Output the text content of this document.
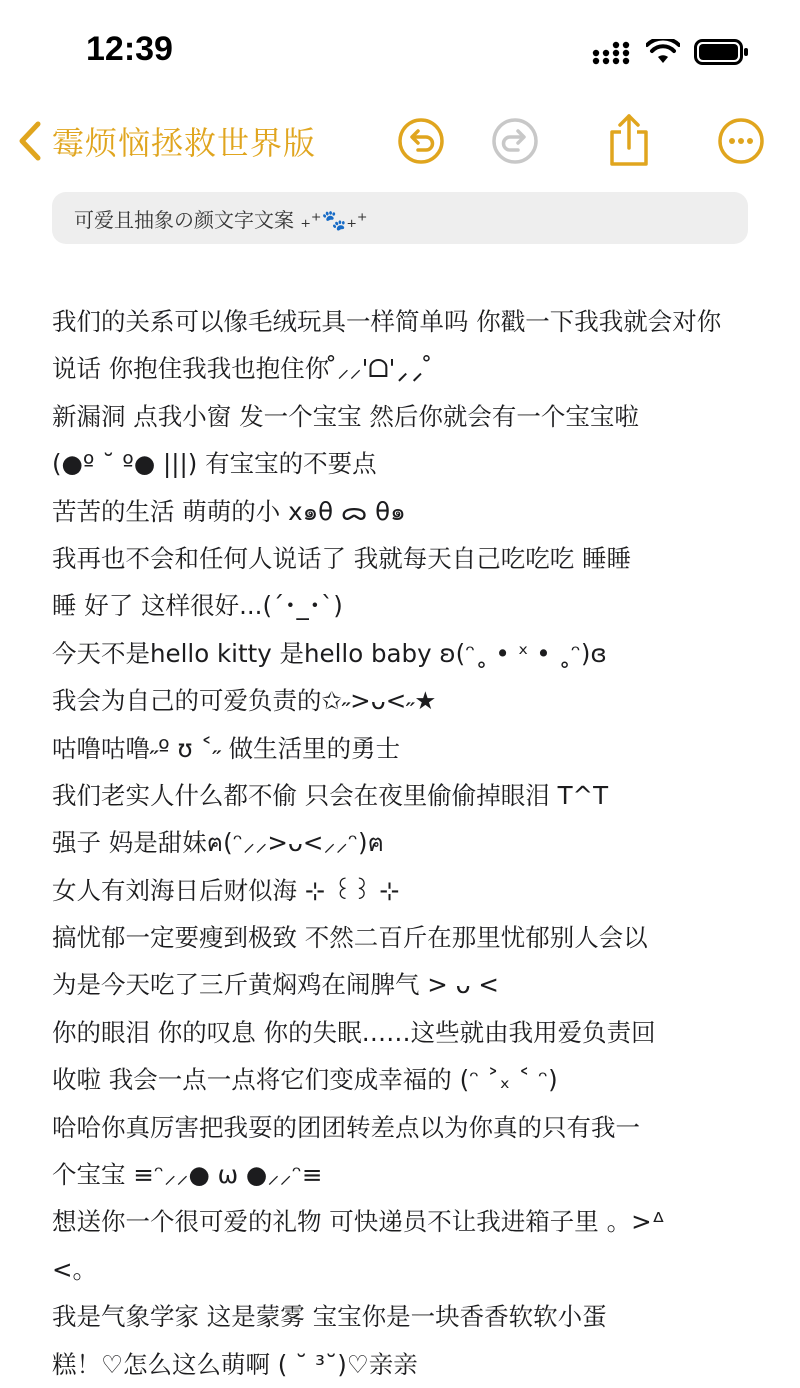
12:39
霉烦恼拯救世界版
可爱且抽象の颜文字文案 ₊⁺🐾₊⁺
我们的关系可以像毛绒玩具一样简单吗 你戳一下我我就会对你
说话 你抱住我我也抱住你 ̊⸝⸝'ᗝ'⸝⸝ ̊
新漏洞 点我小窗 发一个宝宝 然后你就会有一个宝宝啦
(●º ˘ º● |||) 有宝宝的不要点
苦苦的生活 萌萌的小 x๑θ ᯅ θ๑
我再也不会和任何人说话了 我就每天自己吃吃吃 睡睡
睡 好了 这样很好...(´･_･`)
今天不是hello kitty 是hello baby ʚ(ᵔ˳ • ˣ • ˳ᵔ)ɞ
我会为自己的可爱负责的✩˶>ᴗ<˶★
咕噜咕噜˶º ʊ ˂˶ 做生活里的勇士
我们老实人什么都不偷 只会在夜里偷偷掉眼泪 T^T
强子 妈是甜妹ฅ(ᵔ⸝⸝>ᴗ<⸝⸝ᵔ)ฅ
女人有刘海日后财似海 ⊹ ꒰꒱ ⊹
搞忧郁一定要瘦到极致 不然二百斤在那里忧郁别人会以
为是今天吃了三斤黄焖鸡在闹脾气 > ᴗ <
你的眼泪 你的叹息 你的失眠……这些就由我用爱负责回
收啦 我会一点一点将它们变成幸福的 (ᵔ ˃ₓ ˂ ᵔ)
哈哈你真厉害把我耍的团团转差点以为你真的只有我一
个宝宝 ≡ᵔ⸝⸝● ω ●⸝⸝ᵔ≡
想送你一个很可爱的礼物 可快递员不让我进箱子里 。>ᐞ
<。
我是气象学家 这是蒙雾 宝宝你是一块香香软软小蛋
糕！♡怎么这么萌啊 ( ˘ ³˘)♡亲亲
